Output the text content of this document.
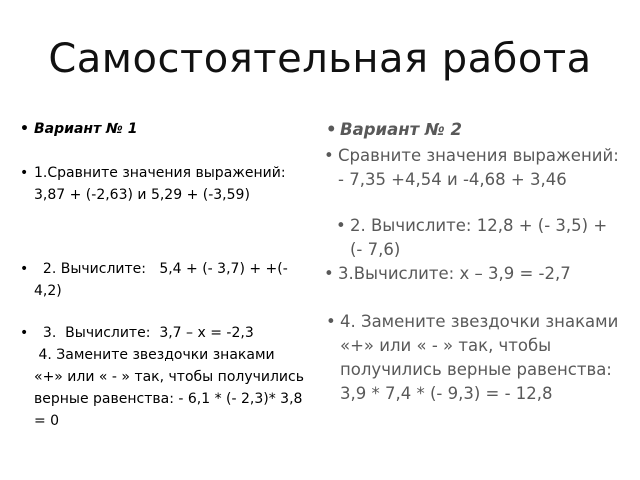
Самостоятельная работа

• Вариант № 1

• 1.Сравните значения выражений: 3,87 + (-2,63) и 5,29 + (-3,59)

•   2. Вычислите:   5,4 + (- 3,7) + +(- 4,2)

•   3.  Вычислите:  3,7 – х = -2,3

4. Замените звездочки знаками «+» или « - » так, чтобы получились верные равенства: - 6,1 * (- 2,3)* 3,8 = 0

• Вариант № 2

• Сравните значения выражений: - 7,35 +4,54 и -4,68 + 3,46

• 2. Вычислите: 12,8 + (- 3,5) + (- 7,6)

• 3.Вычислите: х – 3,9 = -2,7

• 4. Замените звездочки знаками «+» или « - » так, чтобы получились верные равенства: 3,9 * 7,4 * (- 9,3) = - 12,8
